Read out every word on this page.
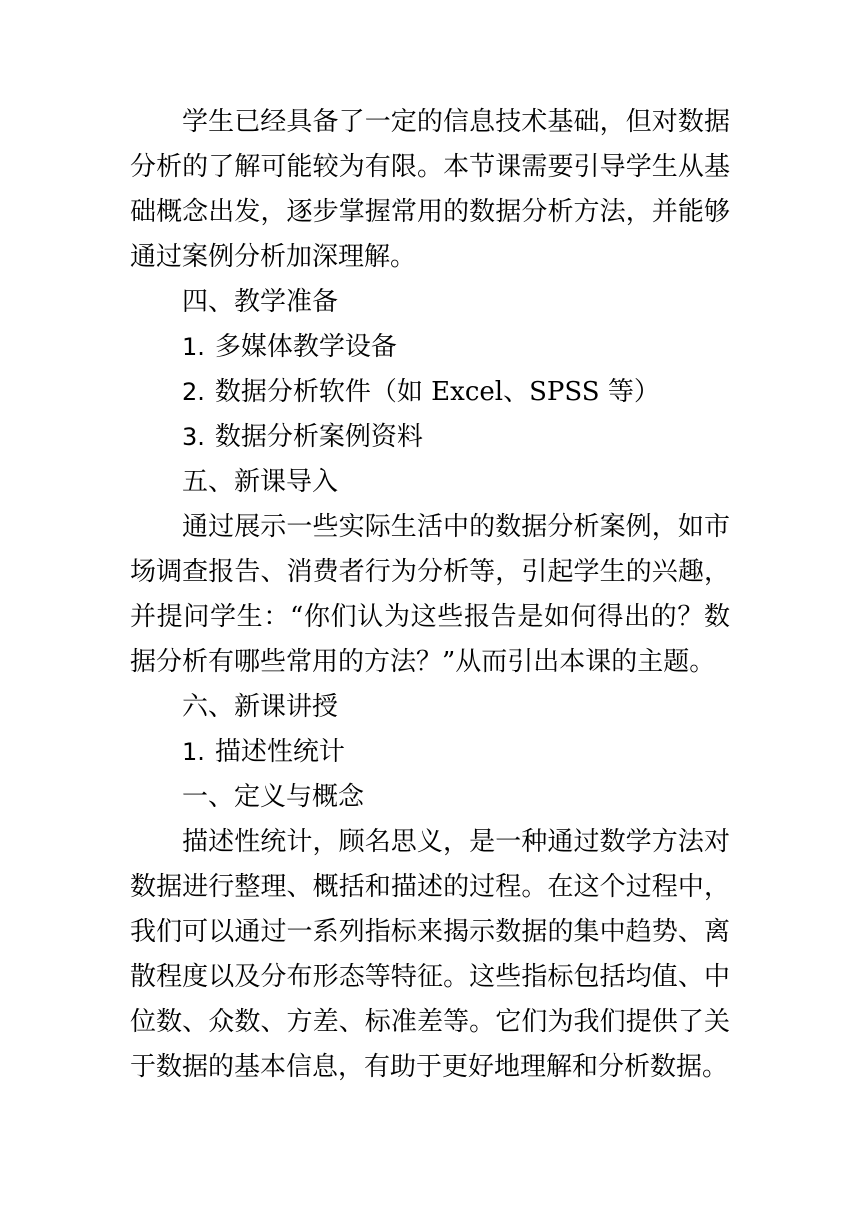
学生已经具备了一定的信息技术基础，但对数据分析的了解可能较为有限。本节课需要引导学生从基础概念出发，逐步掌握常用的数据分析方法，并能够通过案例分析加深理解。

四、教学准备

1. 多媒体教学设备

2. 数据分析软件（如 Excel、SPSS 等）

3. 数据分析案例资料

五、新课导入

通过展示一些实际生活中的数据分析案例，如市场调查报告、消费者行为分析等，引起学生的兴趣，并提问学生：“你们认为这些报告是如何得出的？数据分析有哪些常用的方法？”从而引出本课的主题。

六、新课讲授

1. 描述性统计

一、定义与概念

描述性统计，顾名思义，是一种通过数学方法对数据进行整理、概括和描述的过程。在这个过程中，我们可以通过一系列指标来揭示数据的集中趋势、离散程度以及分布形态等特征。这些指标包括均值、中位数、众数、方差、标准差等。它们为我们提供了关于数据的基本信息，有助于更好地理解和分析数据。
